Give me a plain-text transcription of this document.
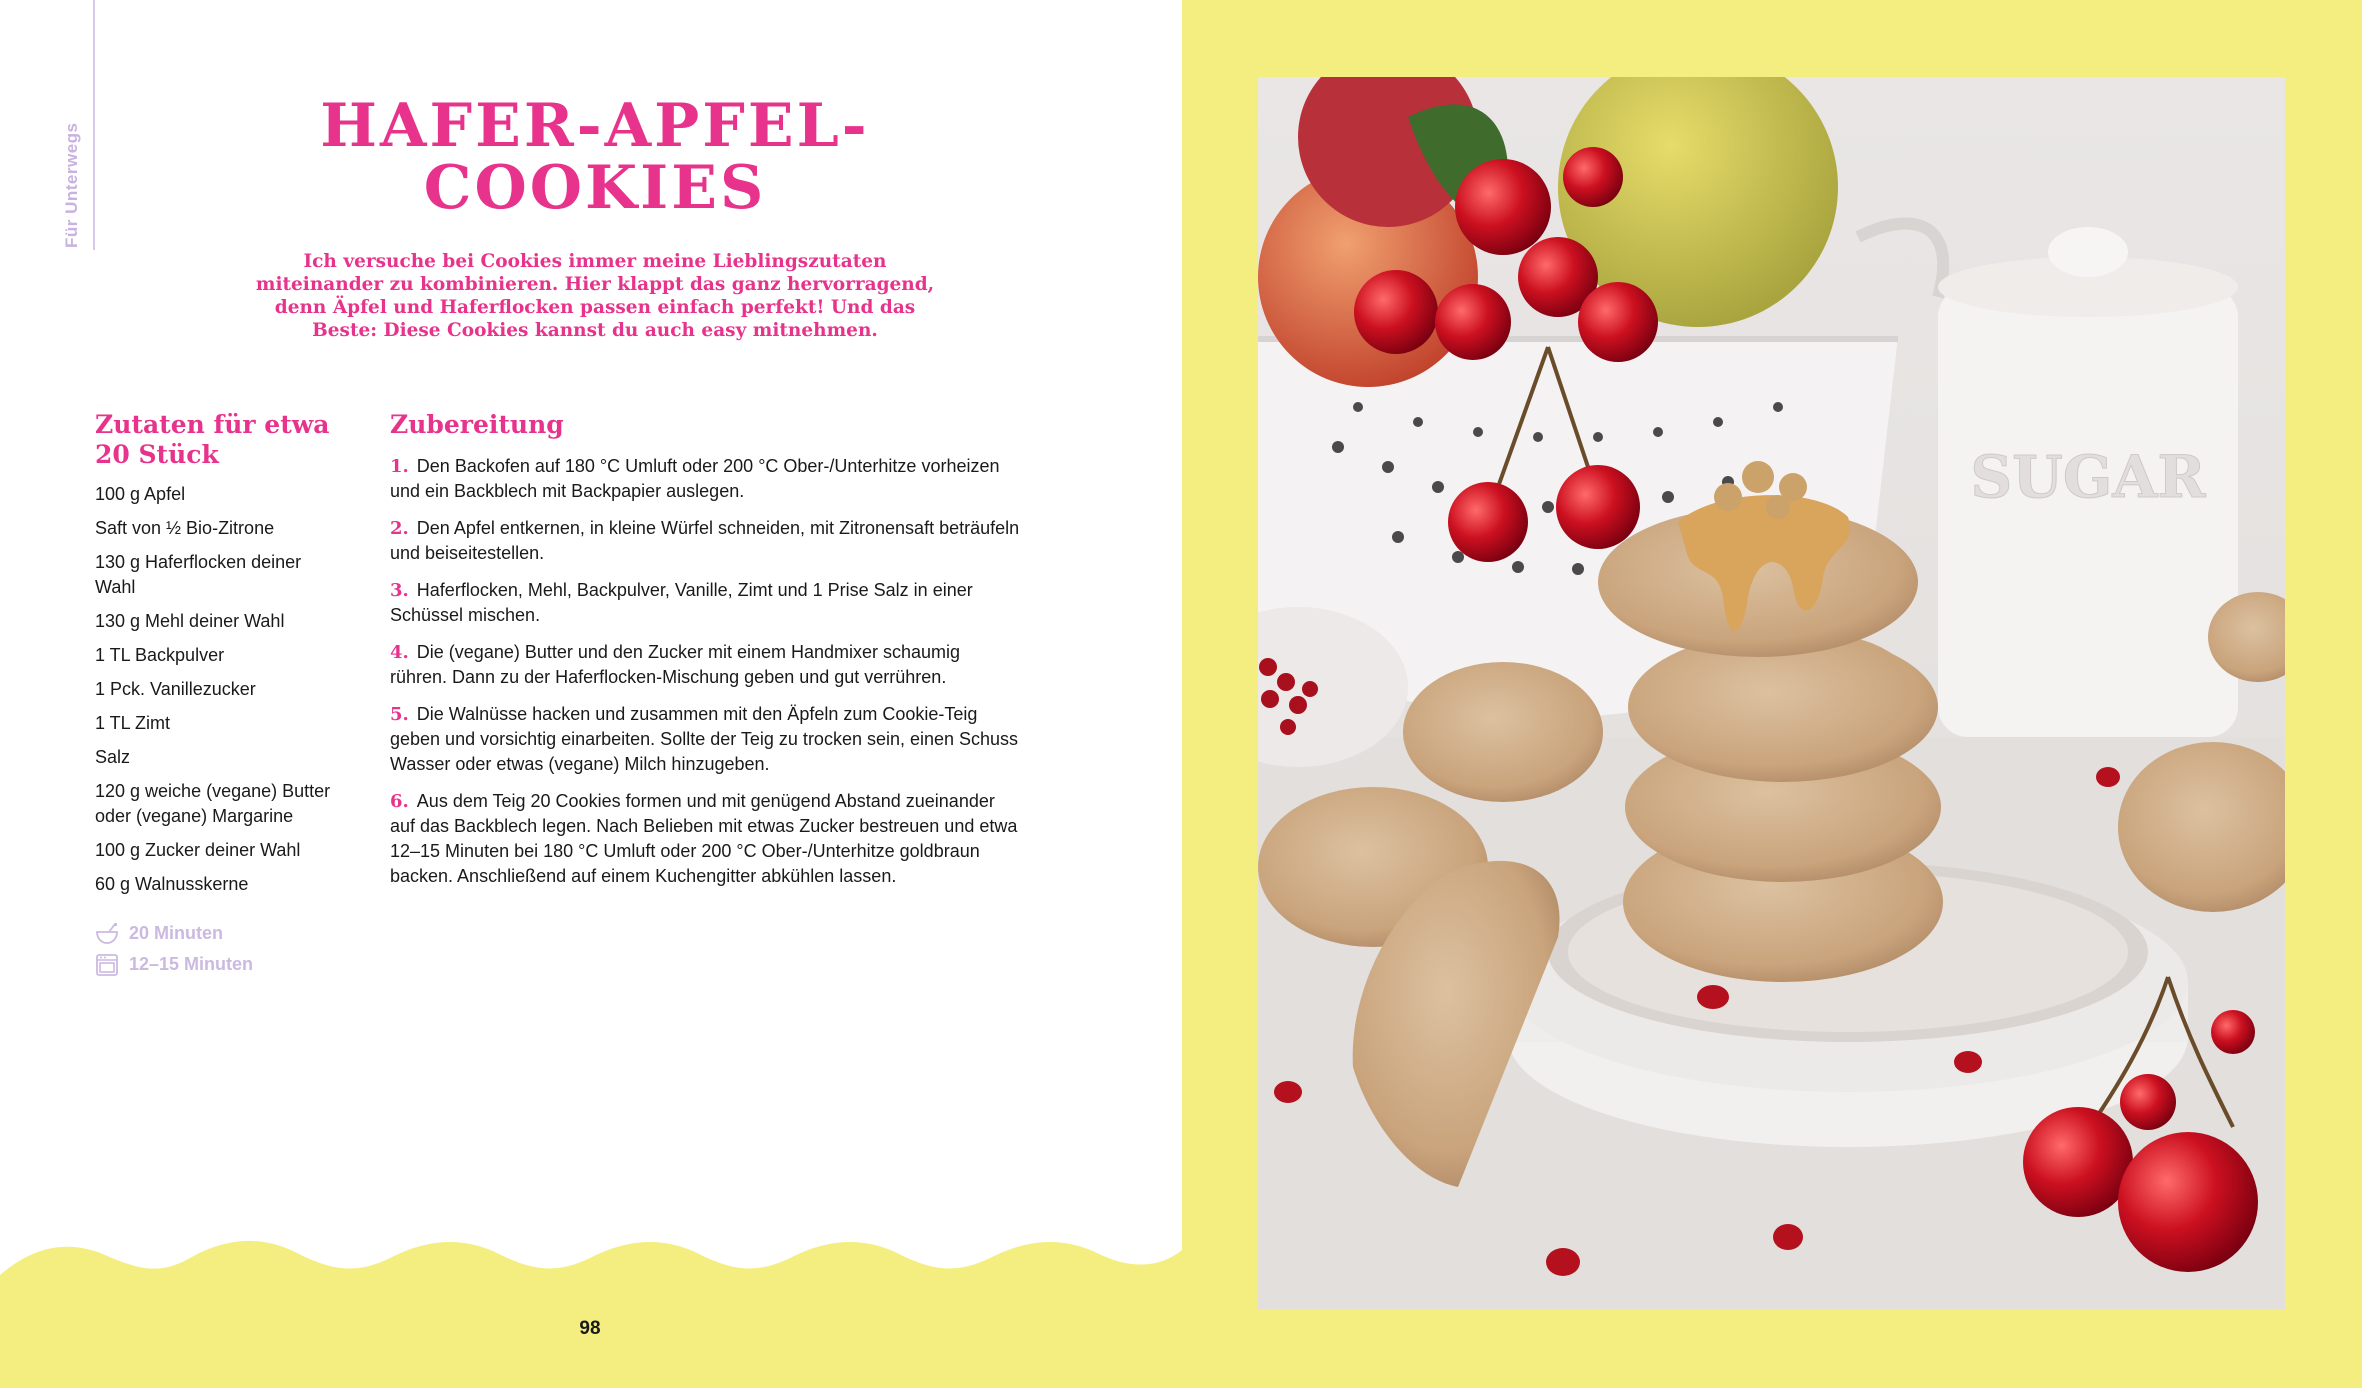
Für Unterwegs	HAFER-APFEL-
COOKIES

Ich versuche bei Cookies immer meine Lieblingszutaten miteinander zu kombinieren. Hier klappt das ganz hervorragend, denn Äpfel und Haferflocken passen einfach perfekt! Und das Beste: Diese Cookies kannst du auch easy mitnehmen.

Zutaten für etwa 20 Stück
100 g Apfel
Saft von ½ Bio-Zitrone
130 g Haferflocken deiner Wahl
130 g Mehl deiner Wahl
1 TL Backpulver
1 Pck. Vanillezucker
1 TL Zimt
Salz
120 g weiche (vegane) Butter oder (vegane) Margarine
100 g Zucker deiner Wahl
60 g Walnusskerne
20 Minuten
12–15 Minuten
Zubereitung
1. Den Backofen auf 180 °C Umluft oder 200 °C Ober-/Unterhitze vorheizen und ein Backblech mit Backpapier auslegen.
2. Den Apfel entkernen, in kleine Würfel schneiden, mit Zitronensaft beträufeln und beiseitestellen.
3. Haferflocken, Mehl, Backpulver, Vanille, Zimt und 1 Prise Salz in einer Schüssel mischen.
4. Die (vegane) Butter und den Zucker mit einem Handmixer schaumig rühren. Dann zu der Haferflocken-Mischung geben und gut verrühren.
5. Die Walnüsse hacken und zusammen mit den Äpfeln zum Cookie-Teig geben und vorsichtig einarbeiten. Sollte der Teig zu trocken sein, einen Schuss Wasser oder etwas (vegane) Milch hinzugeben.
6. Aus dem Teig 20 Cookies formen und mit genügend Abstand zueinander auf das Backblech legen. Nach Belieben mit etwas Zucker bestreuen und etwa 12–15 Minuten bei 180 °C Umluft oder 200 °C Ober-/Unterhitze goldbraun backen. Anschließend auf einem Kuchengitter abkühlen lassen.
98
SUGAR
